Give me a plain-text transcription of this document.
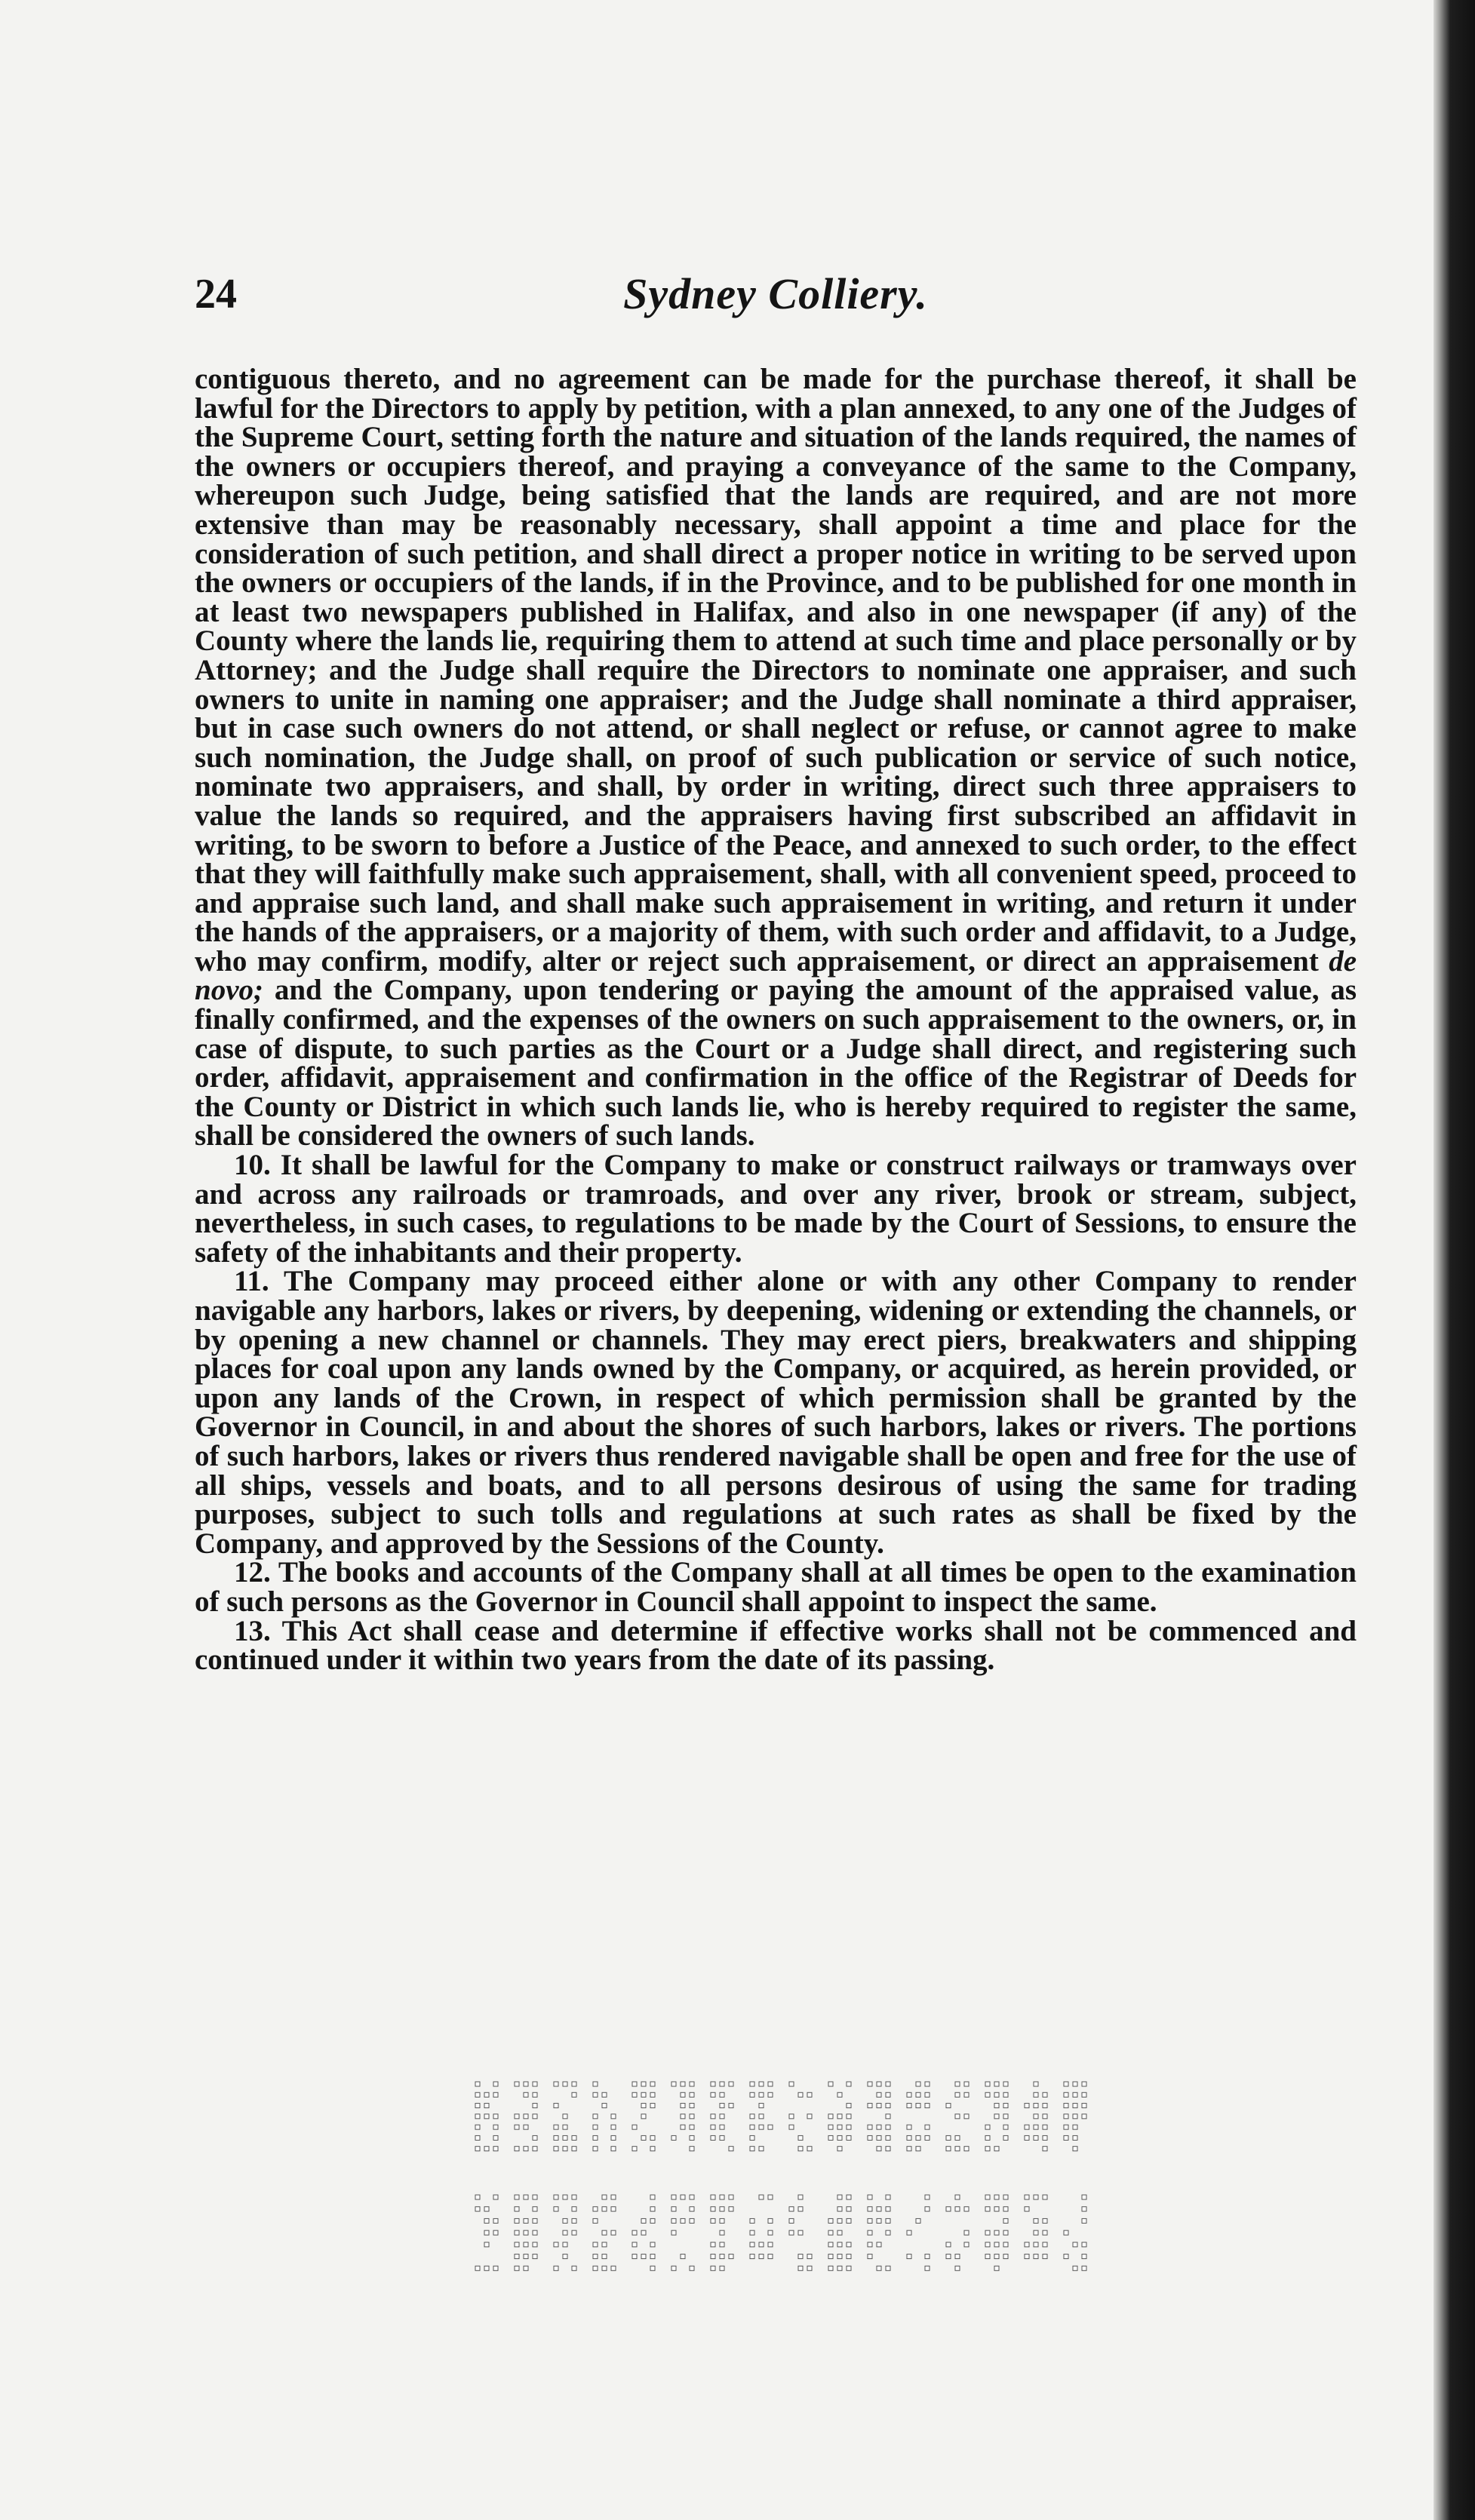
24	Sydney Colliery.

contiguous thereto, and no agreement can be made for the purchase thereof, it shall be lawful for the Directors to apply by petition, with a plan annexed, to any one of the Judges of the Supreme Court, setting forth the nature and situation of the lands required, the names of the owners or occupiers thereof, and praying a conveyance of the same to the Company, whereupon such Judge, being satisfied that the lands are required, and are not more extensive than may be reasonably necessary, shall appoint a time and place for the consideration of such petition, and shall direct a proper notice in writing to be served upon the owners or occupiers of the lands, if in the Province, and to be published for one month in at least two newspapers published in Halifax, and also in one newspaper (if any) of the County where the lands lie, requiring them to attend at such time and place personally or by Attorney; and the Judge shall require the Directors to nominate one appraiser, and such owners to unite in naming one appraiser; and the Judge shall nominate a third appraiser, but in case such owners do not attend, or shall neglect or refuse, or cannot agree to make such nomination, the Judge shall, on proof of such publication or service of such notice, nominate two appraisers, and shall, by order in writing, direct such three appraisers to value the lands so required, and the appraisers having first subscribed an affidavit in writing, to be sworn to before a Justice of the Peace, and annexed to such order, to the effect that they will faithfully make such appraisement, shall, with all convenient speed, proceed to and appraise such land, and shall make such appraisement in writing, and return it under the hands of the appraisers, or a majority of them, with such order and affidavit, to a Judge, who may confirm, modify, alter or reject such appraisement, or direct an appraisement de novo; and the Company, upon tendering or paying the amount of the appraised value, as finally confirmed, and the expenses of the owners on such appraisement to the owners, or, in case of dispute, to such parties as the Court or a Judge shall direct, and registering such order, affidavit, appraisement and confirmation in the office of the Registrar of Deeds for the County or District in which such lands lie, who is hereby required to register the same, shall be considered the owners of such lands.

10. It shall be lawful for the Company to make or construct railways or tramways over and across any railroads or tramroads, and over any river, brook or stream, subject, nevertheless, in such cases, to regulations to be made by the Court of Sessions, to ensure the safety of the inhabitants and their property.

11. The Company may proceed either alone or with any other Company to render navigable any harbors, lakes or rivers, by deepening, widening or extending the channels, or by opening a new channel or channels. They may erect piers, breakwaters and shipping places for coal upon any lands owned by the Company, or acquired, as herein provided, or upon any lands of the Crown, in respect of which permission shall be granted by the Governor in Council, in and about the shores of such harbors, lakes or rivers. The portions of such harbors, lakes or rivers thus rendered navigable shall be open and free for the use of all ships, vessels and boats, and to all persons desirous of using the same for trading purposes, subject to such tolls and regulations at such rates as shall be fixed by the Company, and approved by the Sessions of the County.

12. The books and accounts of the Company shall at all times be open to the examination of such persons as the Governor in Council shall appoint to inspect the same.

13. This Act shall cease and determine if effective works shall not be commenced and continued under it within two years from the date of its passing.
